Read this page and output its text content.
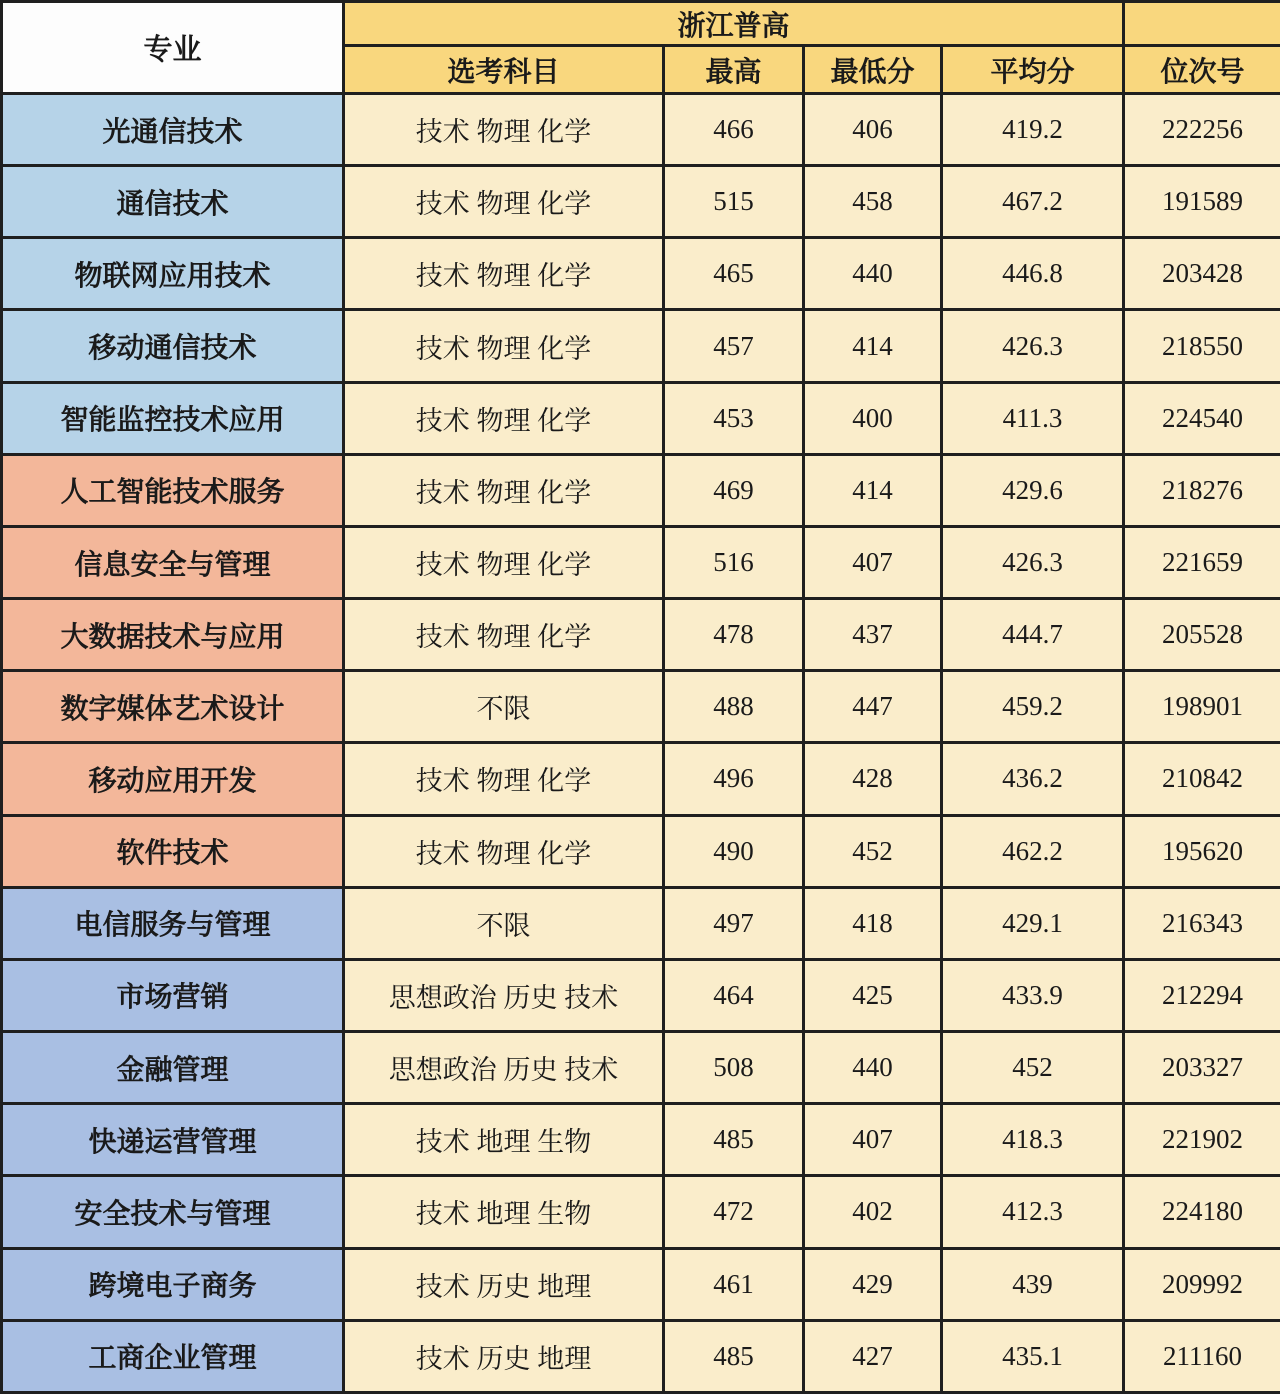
专业	浙江普高				
	选考科目	最高	最低分	平均分	位次号
光通信技术	技术 物理 化学	466	406	419.2	222256
通信技术	技术 物理 化学	515	458	467.2	191589
物联网应用技术	技术 物理 化学	465	440	446.8	203428
移动通信技术	技术 物理 化学	457	414	426.3	218550
智能监控技术应用	技术 物理 化学	453	400	411.3	224540
人工智能技术服务	技术 物理 化学	469	414	429.6	218276
信息安全与管理	技术 物理 化学	516	407	426.3	221659
大数据技术与应用	技术 物理 化学	478	437	444.7	205528
数字媒体艺术设计	不限	488	447	459.2	198901
移动应用开发	技术 物理 化学	496	428	436.2	210842
软件技术	技术 物理 化学	490	452	462.2	195620
电信服务与管理	不限	497	418	429.1	216343
市场营销	思想政治 历史 技术	464	425	433.9	212294
金融管理	思想政治 历史 技术	508	440	452	203327
快递运营管理	技术 地理 生物	485	407	418.3	221902
安全技术与管理	技术 地理 生物	472	402	412.3	224180
跨境电子商务	技术 历史 地理	461	429	439	209992
工商企业管理	技术 历史 地理	485	427	435.1	211160
